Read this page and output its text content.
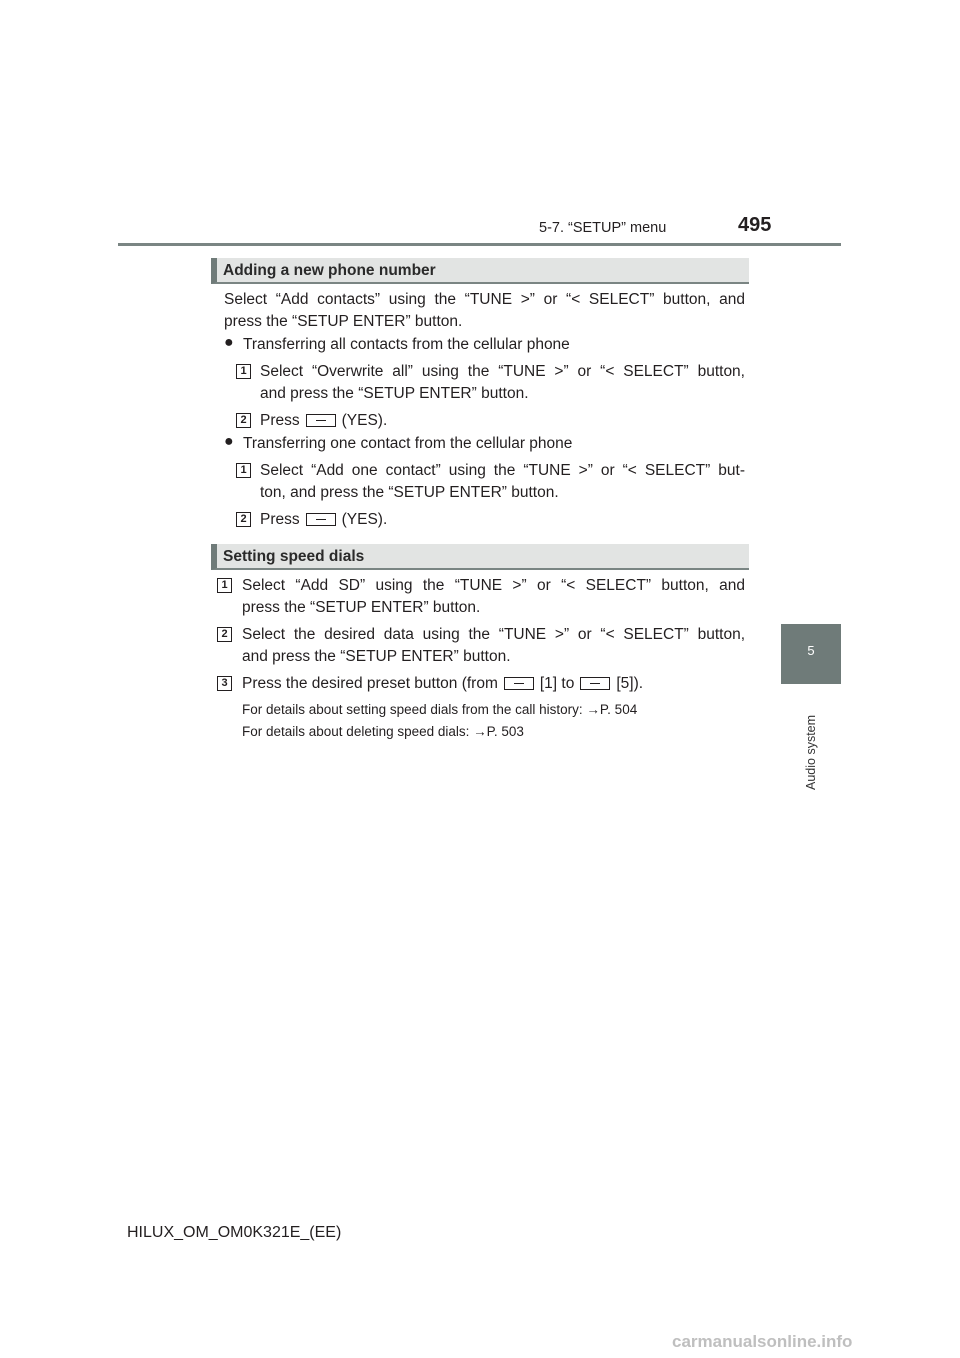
5-7. “SETUP” menu	495
5
Audio system
Adding a new phone number
Select “Add contacts” using the “TUNE >” or “< SELECT” button, and
press the “SETUP ENTER” button.
● Transferring all contacts from the cellular phone
1 Select “Overwrite all” using the “TUNE >” or “< SELECT” button,
and press the “SETUP ENTER” button.
2 Press	(YES).
● Transferring one contact from the cellular phone
1 Select “Add one contact” using the “TUNE >” or “< SELECT” but-
ton, and press the “SETUP ENTER” button.
2 Press	(YES).
Setting speed dials
1 Select “Add SD” using the “TUNE >” or “< SELECT” button, and
press the “SETUP ENTER” button.
2 Select the desired data using the “TUNE >” or “< SELECT” button,
and press the “SETUP ENTER” button.
3 Press the desired preset button (from	[1] to	[5]).
For details about setting speed dials from the call history: →P. 504
For details about deleting speed dials: →P. 503
HILUX_OM_OM0K321E_(EE)
carmanualsonline.info
